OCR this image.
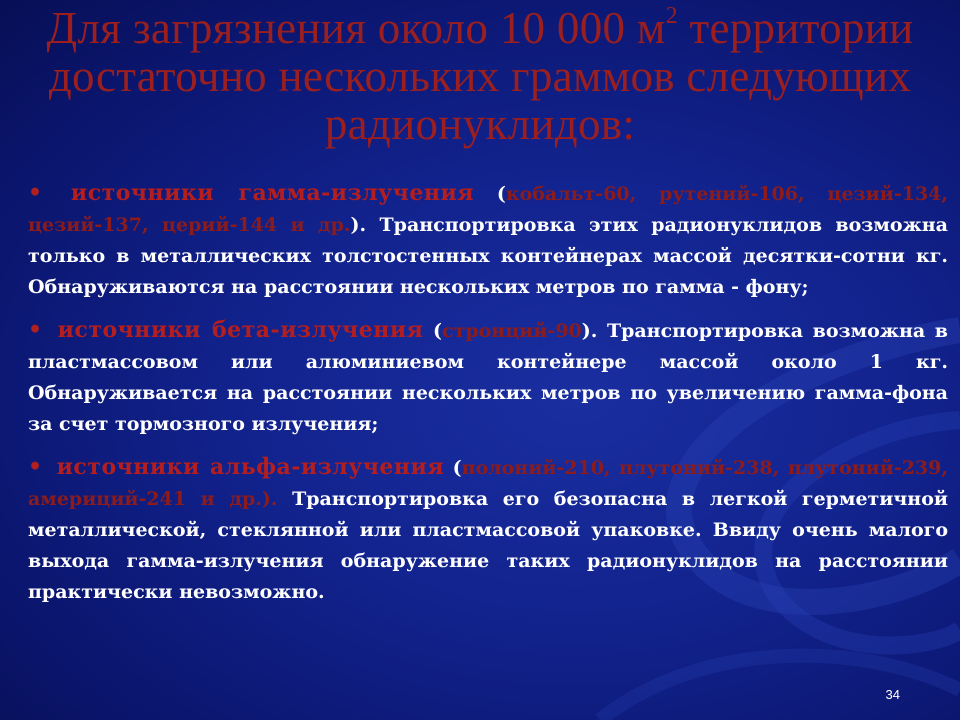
Для загрязнения около 10 000 $м^2$ территории достаточно нескольких граммов следующих радионуклидов:

• источники гамма-излучения (кобальт-60, рутений-106, цезий-134, цезий-137, церий-144 и др.). Транспортировка этих радионуклидов возможна только в металлических толстостенных контейнерах массой десятки-сотни кг. Обнаруживаются на расстоянии нескольких метров по гамма - фону;

• источники бета-излучения (стронций-90). Транспортировка возможна в пластмассовом или алюминиевом контейнере массой около 1 кг. Обнаруживается на расстоянии нескольких метров по увеличению гамма-фона за счет тормозного излучения;

• источники альфа-излучения (полоний-210, плутоний-238, плутоний-239, америций-241 и др.). Транспортировка его безопасна в легкой герметичной металлической, стеклянной или пластмассовой упаковке. Ввиду очень малого выхода гамма-излучения обнаружение таких радионуклидов на расстоянии практически невозможно.

34
